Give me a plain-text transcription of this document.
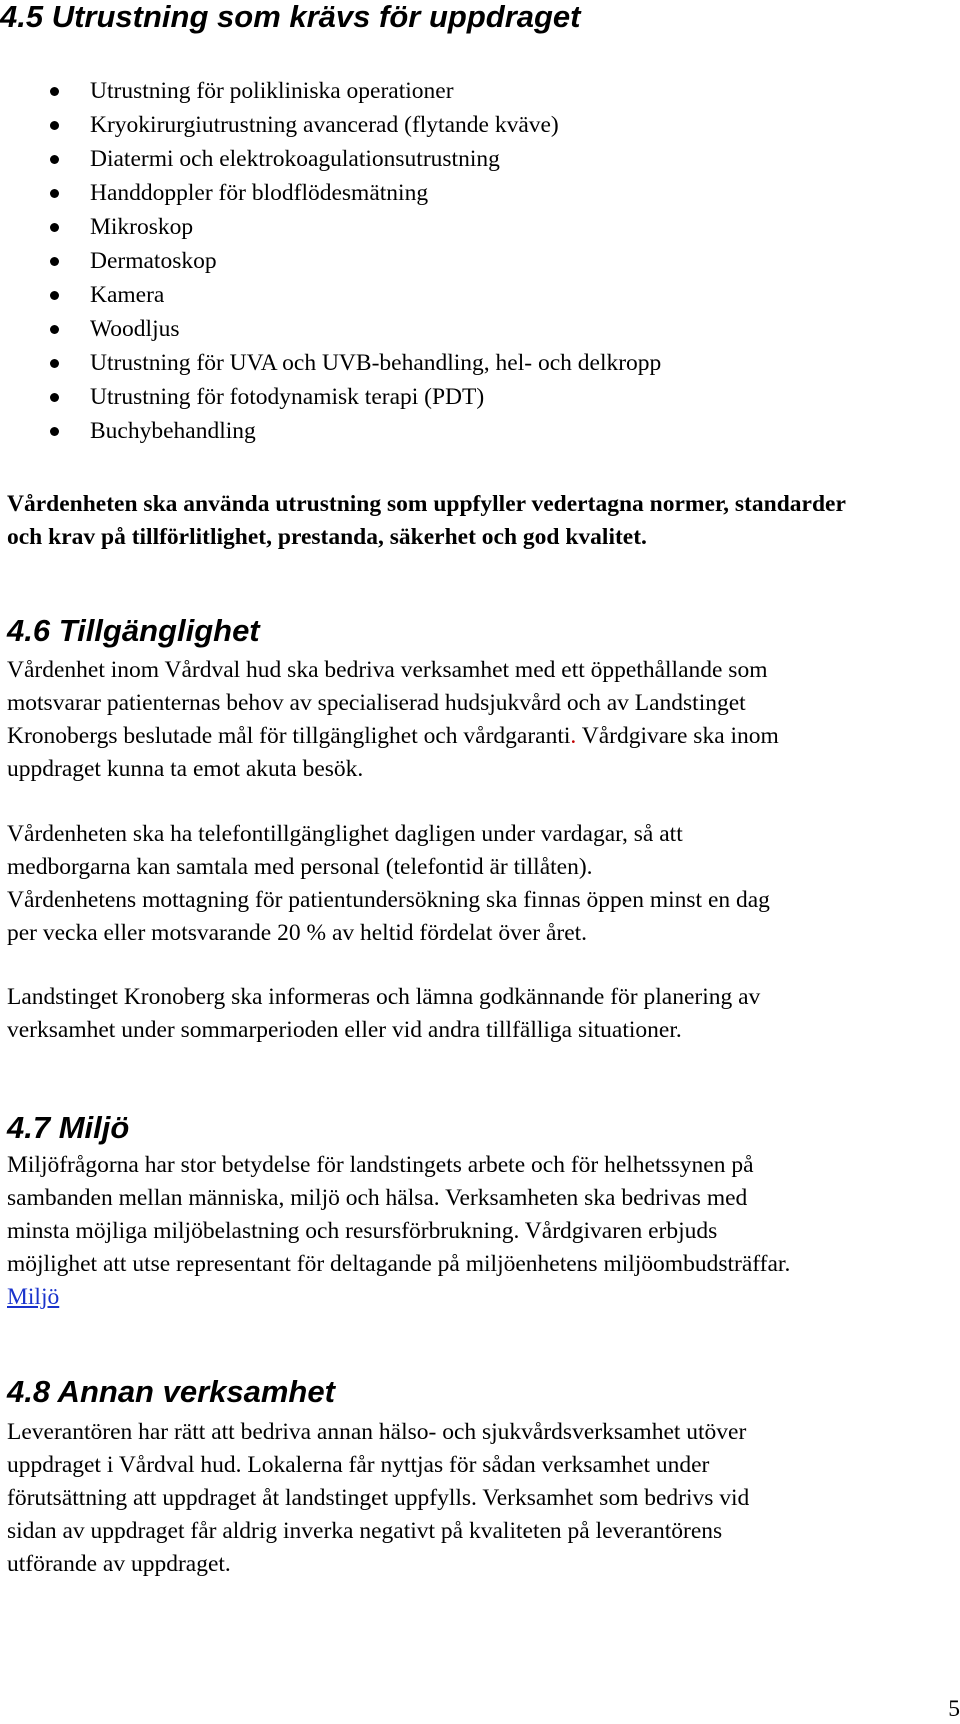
4.5 Utrustning som krävs för uppdraget
Utrustning för polikliniska operationer
Kryokirurgiutrustning avancerad (flytande kväve)
Diatermi och elektrokoagulationsutrustning
Handdoppler för blodflödesmätning
Mikroskop
Dermatoskop
Kamera
Woodljus
Utrustning för UVA och UVB-behandling, hel- och delkropp
Utrustning för fotodynamisk terapi (PDT)
Buchybehandling

Vårdenheten ska använda utrustning som uppfyller vedertagna normer, standarder
och krav på tillförlitlighet, prestanda, säkerhet och god kvalitet.

4.6 Tillgänglighet

Vårdenhet inom Vårdval hud ska bedriva verksamhet med ett öppethållande som
motsvarar patienternas behov av specialiserad hudsjukvård och av Landstinget
Kronobergs beslutade mål för tillgänglighet och vårdgaranti. Vårdgivare ska inom
uppdraget kunna ta emot akuta besök.

Vårdenheten ska ha telefontillgänglighet dagligen under vardagar, så att
medborgarna kan samtala med personal (telefontid är tillåten).
Vårdenhetens mottagning för patientundersökning ska finnas öppen minst en dag
per vecka eller motsvarande 20 % av heltid fördelat över året.

Landstinget Kronoberg ska informeras och lämna godkännande för planering av
verksamhet under sommarperioden eller vid andra tillfälliga situationer.

4.7 Miljö

Miljöfrågorna har stor betydelse för landstingets arbete och för helhetssynen på
sambanden mellan människa, miljö och hälsa. Verksamheten ska bedrivas med
minsta möjliga miljöbelastning och resursförbrukning. Vårdgivaren erbjuds
möjlighet att utse representant för deltagande på miljöenhetens miljöombudsträffar.
Miljö

4.8 Annan verksamhet

Leverantören har rätt att bedriva annan hälso- och sjukvårdsverksamhet utöver
uppdraget i Vårdval hud. Lokalerna får nyttjas för sådan verksamhet under
förutsättning att uppdraget åt landstinget uppfylls. Verksamhet som bedrivs vid
sidan av uppdraget får aldrig inverka negativt på kvaliteten på leverantörens
utförande av uppdraget.

5
